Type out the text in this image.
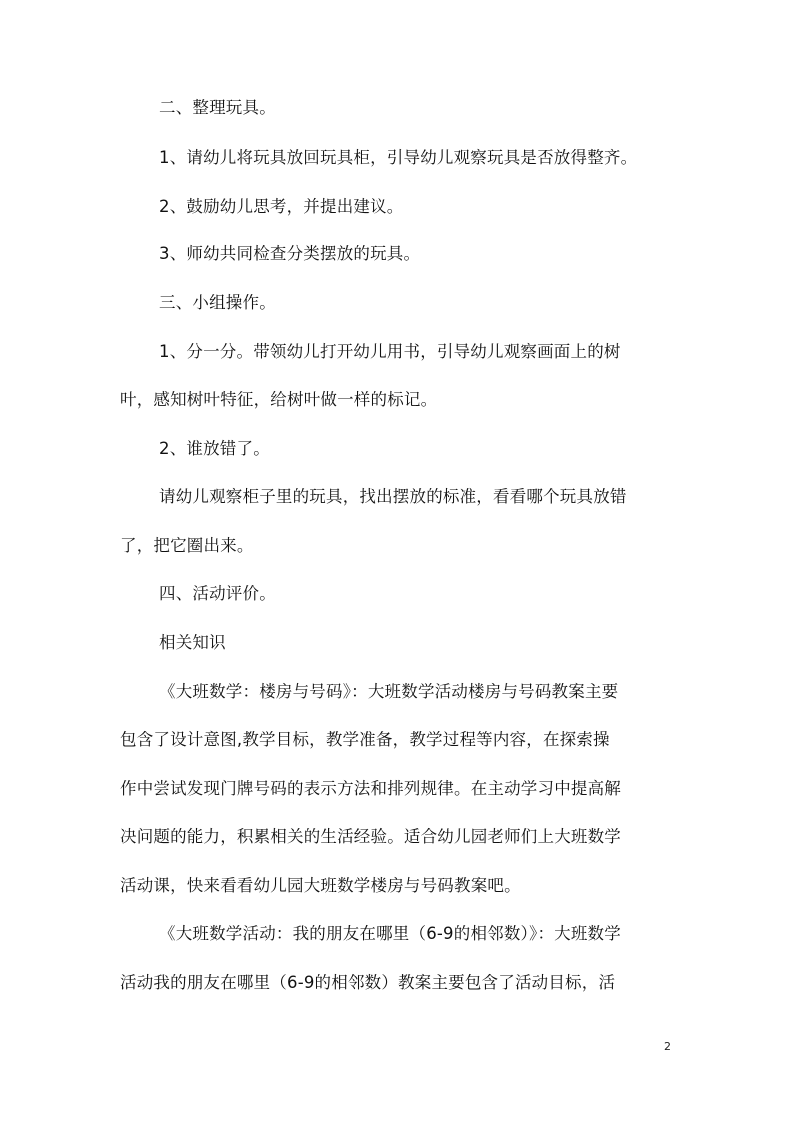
二、整理玩具。
1、请幼儿将玩具放回玩具柜，引导幼儿观察玩具是否放得整齐。
2、鼓励幼儿思考，并提出建议。
3、师幼共同检查分类摆放的玩具。
三、小组操作。
1、分一分。带领幼儿打开幼儿用书，引导幼儿观察画面上的树
叶，感知树叶特征，给树叶做一样的标记。
2、谁放错了。
请幼儿观察柜子里的玩具，找出摆放的标准，看看哪个玩具放错
了，把它圈出来。
四、活动评价。
相关知识
《大班数学：楼房与号码》：大班数学活动楼房与号码教案主要
包含了设计意图,教学目标，教学准备，教学过程等内容，在探索操
作中尝试发现门牌号码的表示方法和排列规律。在主动学习中提高解
决问题的能力，积累相关的生活经验。适合幼儿园老师们上大班数学
活动课，快来看看幼儿园大班数学楼房与号码教案吧。
《大班数学活动：我的朋友在哪里（6-9的相邻数）》：大班数学
活动我的朋友在哪里（6-9的相邻数）教案主要包含了活动目标，活
2
